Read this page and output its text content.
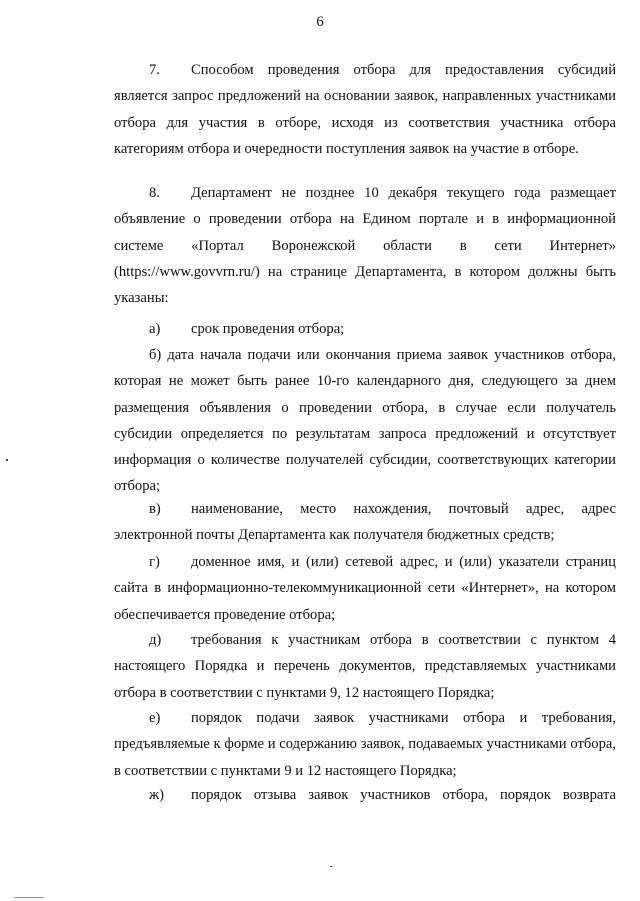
6
7. Способом проведения отбора для предоставления субсидий является запрос предложений на основании заявок, направленных участниками отбора для участия в отборе, исходя из соответствия участника отбора категориям отбора и очередности поступления заявок на участие в отборе.
8. Департамент не позднее 10 декабря текущего года размещает объявление о проведении отбора на Едином портале и в информационной системе «Портал Воронежской области в сети Интернет» (https://www.govvrn.ru/) на странице Департамента, в котором должны быть указаны:
а) срок проведения отбора;
б) дата начала подачи или окончания приема заявок участников отбора, которая не может быть ранее 10-го календарного дня, следующего за днем размещения объявления о проведении отбора, в случае если получатель субсидии определяется по результатам запроса предложений и отсутствует информация о количестве получателей субсидии, соответствующих категории отбора;
в) наименование, место нахождения, почтовый адрес, адрес электронной почты Департамента как получателя бюджетных средств;
г) доменное имя, и (или) сетевой адрес, и (или) указатели страниц сайта в информационно-телекоммуникационной сети «Интернет», на котором обеспечивается проведение отбора;
д) требования к участникам отбора в соответствии с пунктом 4 настоящего Порядка и перечень документов, представляемых участниками отбора в соответствии с пунктами 9, 12 настоящего Порядка;
е) порядок подачи заявок участниками отбора и требования, предъявляемые к форме и содержанию заявок, подаваемых участниками отбора, в соответствии с пунктами 9 и 12 настоящего Порядка;
ж) порядок отзыва заявок участников отбора, порядок возврата
